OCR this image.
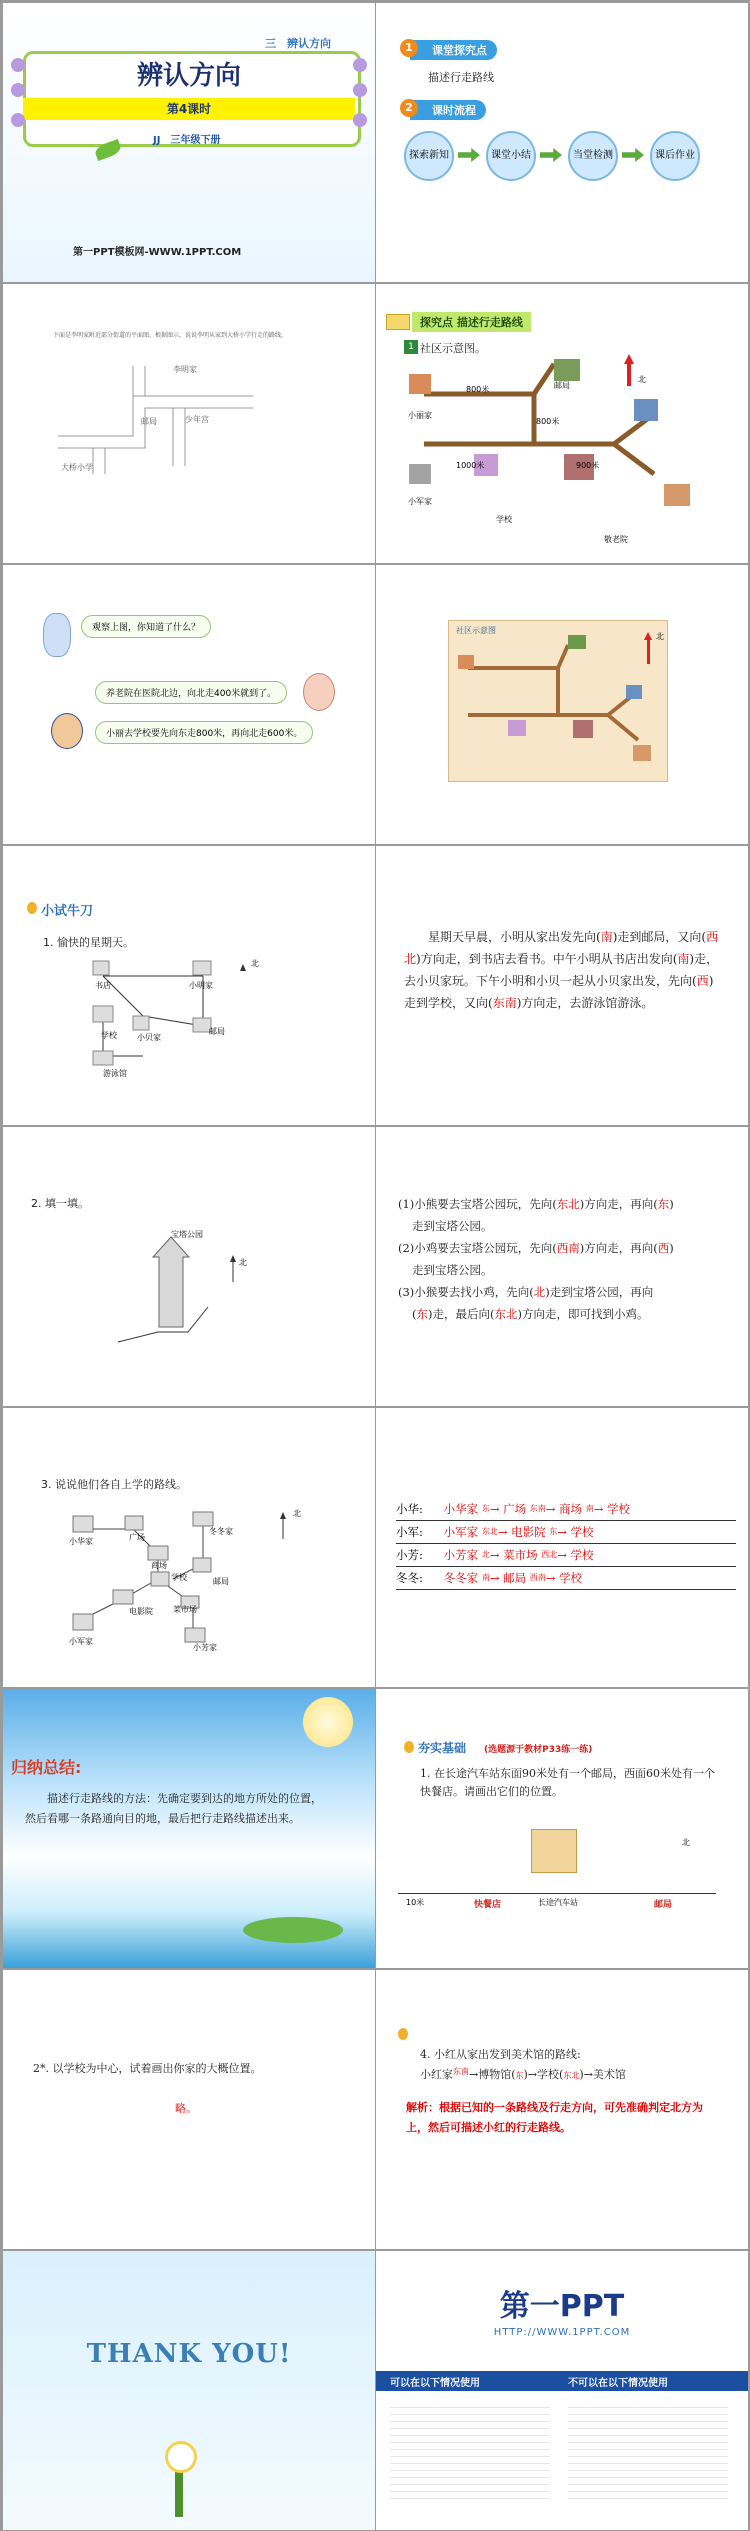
三　辨认方向
辨认方向
第4课时
JJ　三年级下册
第一PPT模板网-WWW.1PPT.COM
1	课堂探究点
描述行走路线
2	课时流程
探索新知	课堂小结	当堂检测	课后作业
下面是李明家附近部分街道的平面图。根据图示，说说李明从家到大桥小学行走的路线。
李明家
大桥小学
邮局	少年宫
探究点 描述行走路线
1 社区示意图。
北
小丽家
邮局
小军家
学校
敬老院
800米
800米
1000米	900米
观察上图，你知道了什么？
养老院在医院北边，向北走400米就到了。
小丽去学校要先向东走800米，再向北走600米。
社区示意图
北
小试牛刀
1. 愉快的星期天。
小明家
书店
邮局
学校	小贝家
游泳馆
北
星期天早晨，小明从家出发先向(南)走到邮局，又向(西北)方向走，到书店去看书。中午小明从书店出发向(南)走，去小贝家玩。下午小明和小贝一起从小贝家出发，先向(西)走到学校，又向(东南)方向走，去游泳馆游泳。
2. 填一填。
宝塔公园
北
(1)小熊要去宝塔公园玩，先向(东北)方向走，再向(东)
走到宝塔公园。
(2)小鸡要去宝塔公园玩，先向(西南)方向走，再向(西)
走到宝塔公园。
(3)小猴要去找小鸡，先向(北)走到宝塔公园，再向
(东)走，最后向(东北)方向走，即可找到小鸡。
3. 说说他们各自上学的路线。
小华家	广场
冬冬家
商场
学校	邮局
电影院	菜市场
小芳家
小军家
北	小华: 小华家 $^东$→ 广场 $^{东南}$→ 商场 $^南$→ 学校
小军: 小军家 $^{东北}$→ 电影院 $^东$→ 学校
小芳: 小芳家 $^北$→ 菜市场 $^{西北}$→ 学校
冬冬: 冬冬家 $^南$→ 邮局 $^{西南}$→ 学校
归纳总结:
描述行走路线的方法：先确定要到达的地方所处的位置，然后看哪一条路通向目的地，最后把行走路线描述出来。
夯实基础 (选题源于教材P33练一练)
1. 在长途汽车站东面90米处有一个邮局，西面60米处有一个快餐店。请画出它们的位置。
北
10米	快餐店	长途汽车站	邮局
2*. 以学校为中心，试着画出你家的大概位置。
略。
4. 小红从家出发到美术馆的路线:
小红家$^{东南}$→博物馆(东)→学校(东北)→美术馆
解析：根据已知的一条路线及行走方向，可先准确判定北方为上，然后可描述小红的行走路线。
THANK YOU!
第一PPT
HTTP://WWW.1PPT.COM
可以在以下情况使用	不可以在以下情况使用
